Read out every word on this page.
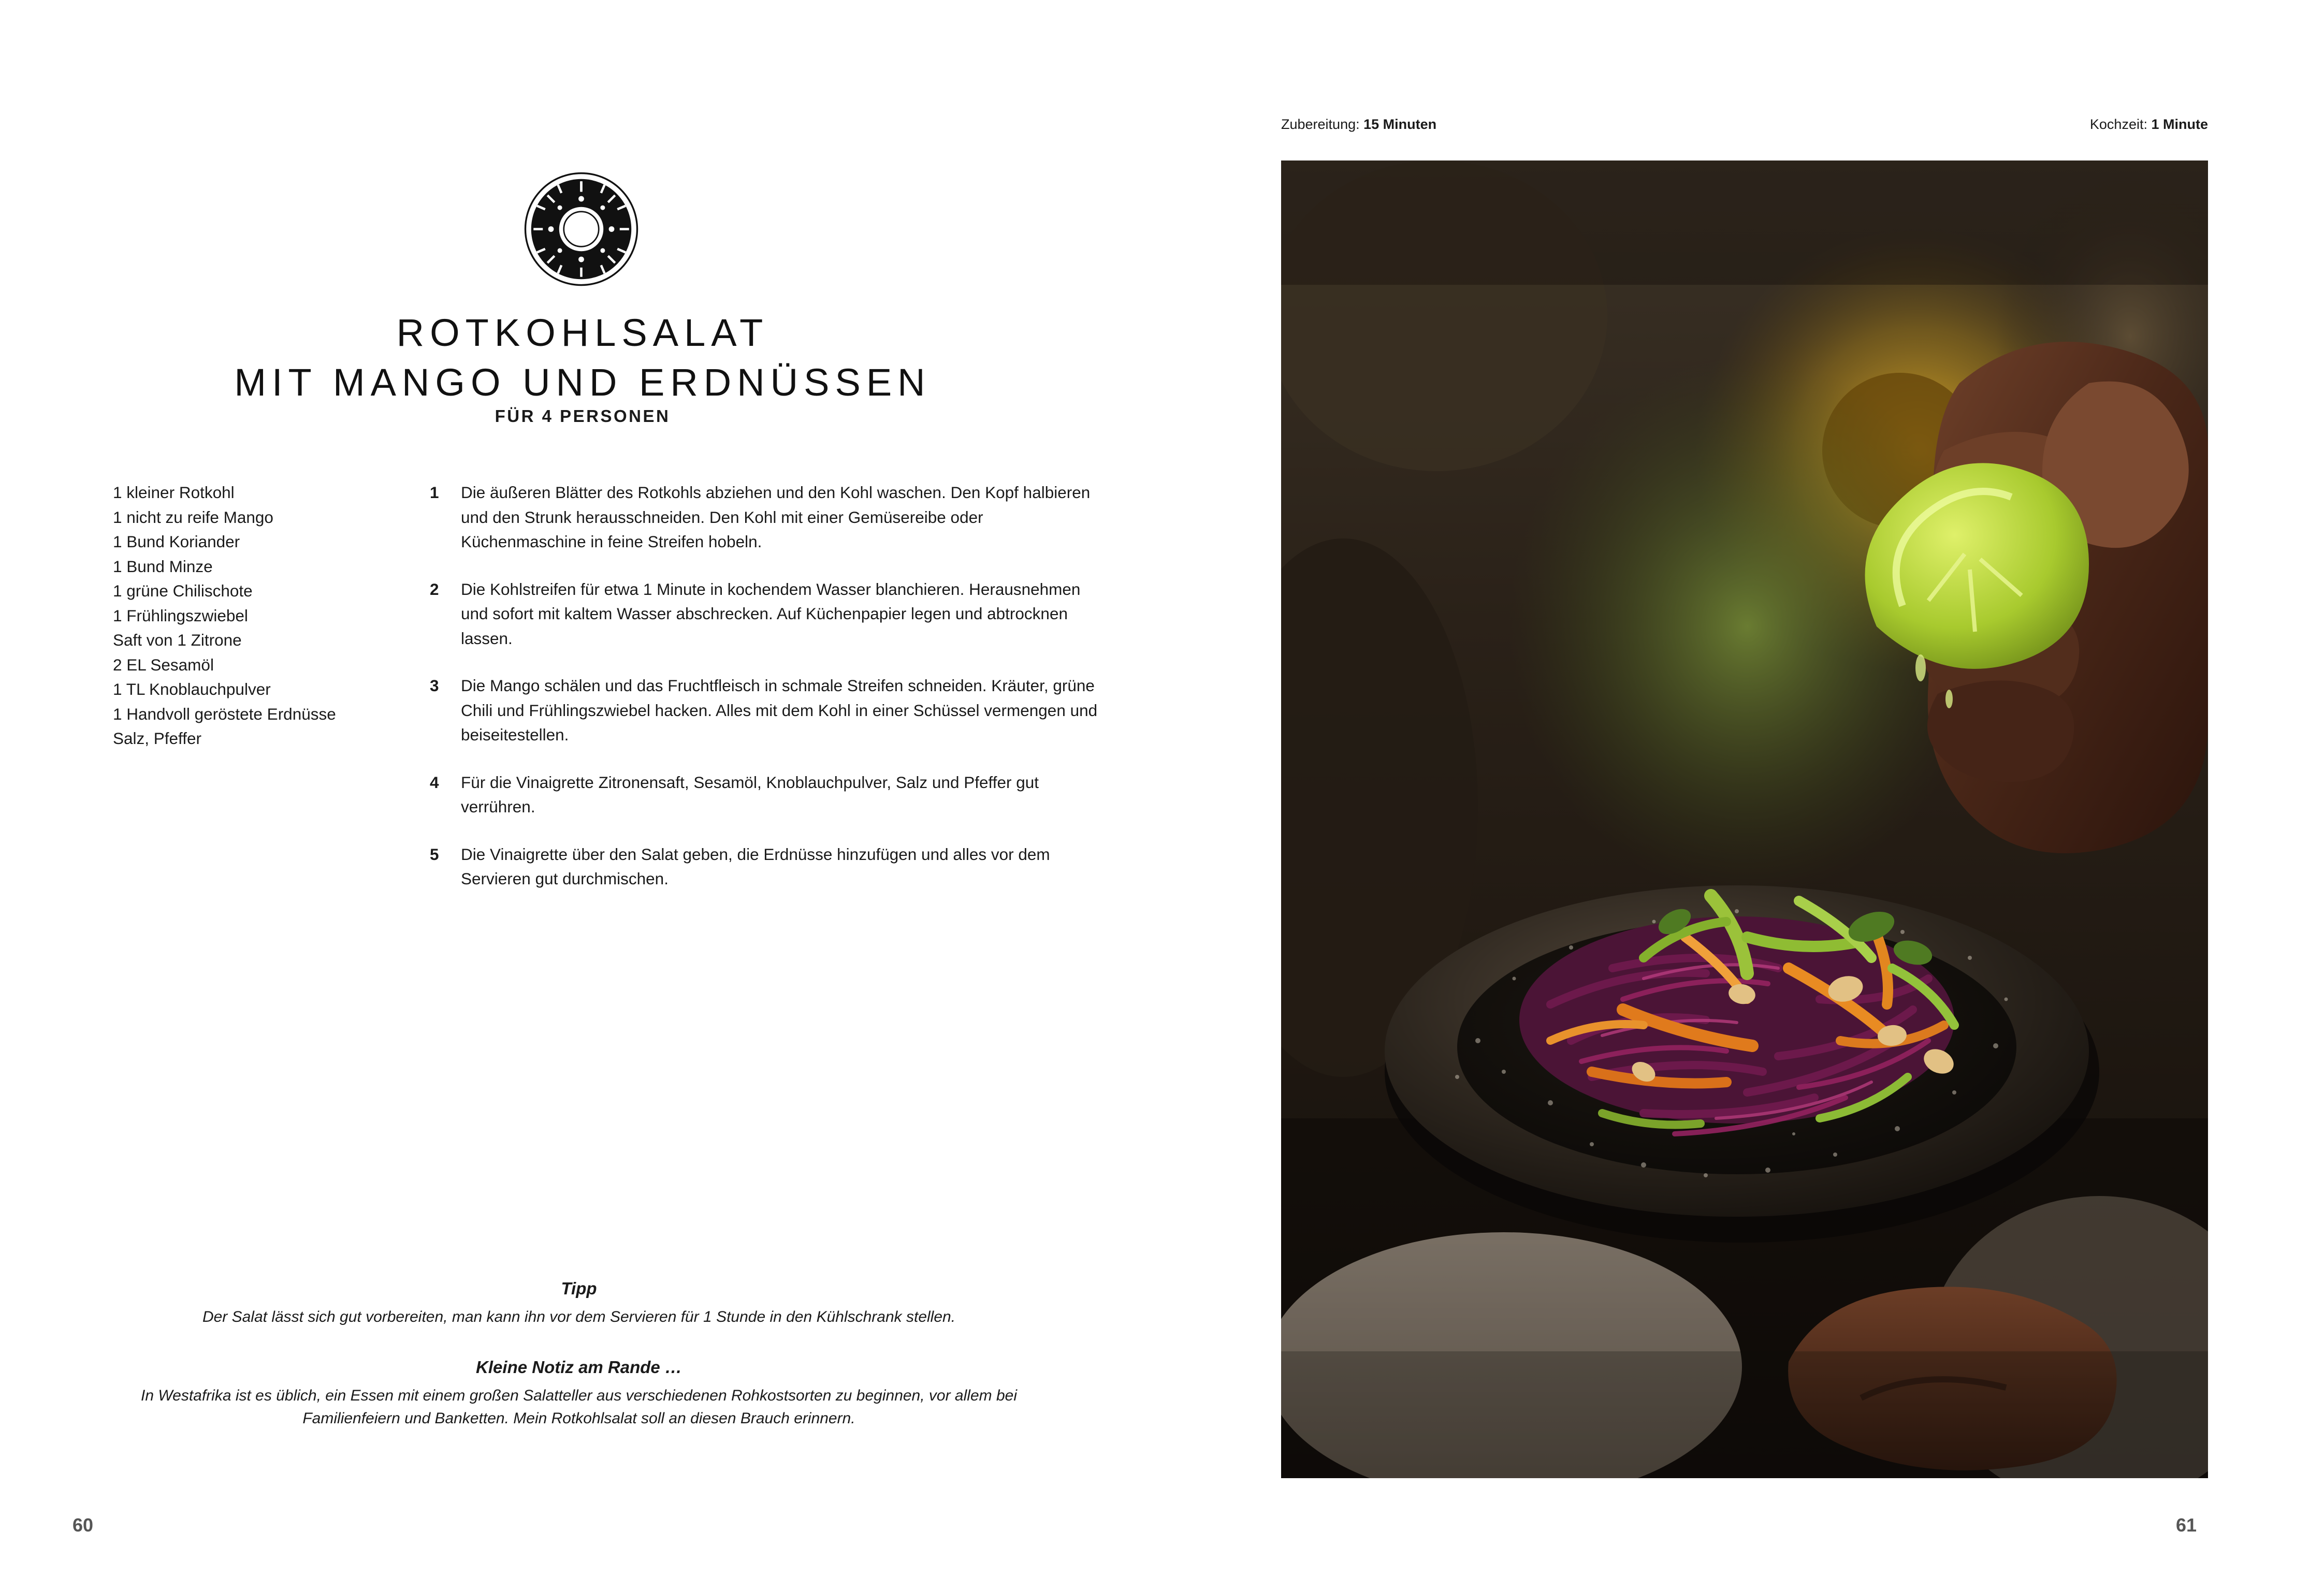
ROTKOHLSALAT
MIT MANGO UND ERDNÜSSEN
FÜR 4 PERSONEN
1 kleiner Rotkohl
1 nicht zu reife Mango
1 Bund Koriander
1 Bund Minze
1 grüne Chilischote
1 Frühlingszwiebel
Saft von 1 Zitrone
2 EL Sesamöl
1 TL Knoblauchpulver
1 Handvoll geröstete Erdnüsse
Salz, Pfeffer
1 Die äußeren Blätter des Rotkohls abziehen und den Kohl waschen. Den Kopf halbieren und den Strunk herausschneiden. Den Kohl mit einer Gemüsereibe oder Küchenmaschine in feine Streifen hobeln.
2 Die Kohlstreifen für etwa 1 Minute in kochendem Wasser blanchieren. Herausnehmen und sofort mit kaltem Wasser abschrecken. Auf Küchenpapier legen und abtrocknen lassen.
3 Die Mango schälen und das Fruchtfleisch in schmale Streifen schneiden. Kräuter, grüne Chili und Frühlingszwiebel hacken. Alles mit dem Kohl in einer Schüssel vermengen und beiseitestellen.
4 Für die Vinaigrette Zitronensaft, Sesamöl, Knoblauchpulver, Salz und Pfeffer gut verrühren.
5 Die Vinaigrette über den Salat geben, die Erdnüsse hinzufügen und alles vor dem Servieren gut durchmischen.
Tipp
Der Salat lässt sich gut vorbereiten, man kann ihn vor dem Servieren für 1 Stunde in den Kühlschrank stellen.
Kleine Notiz am Rande …
In Westafrika ist es üblich, ein Essen mit einem großen Salatteller aus verschiedenen Rohkostsorten zu beginnen, vor allem bei Familienfeiern und Banketten. Mein Rotkohlsalat soll an diesen Brauch erinnern.
60
Zubereitung: 15 Minuten	Kochzeit: 1 Minute
61
